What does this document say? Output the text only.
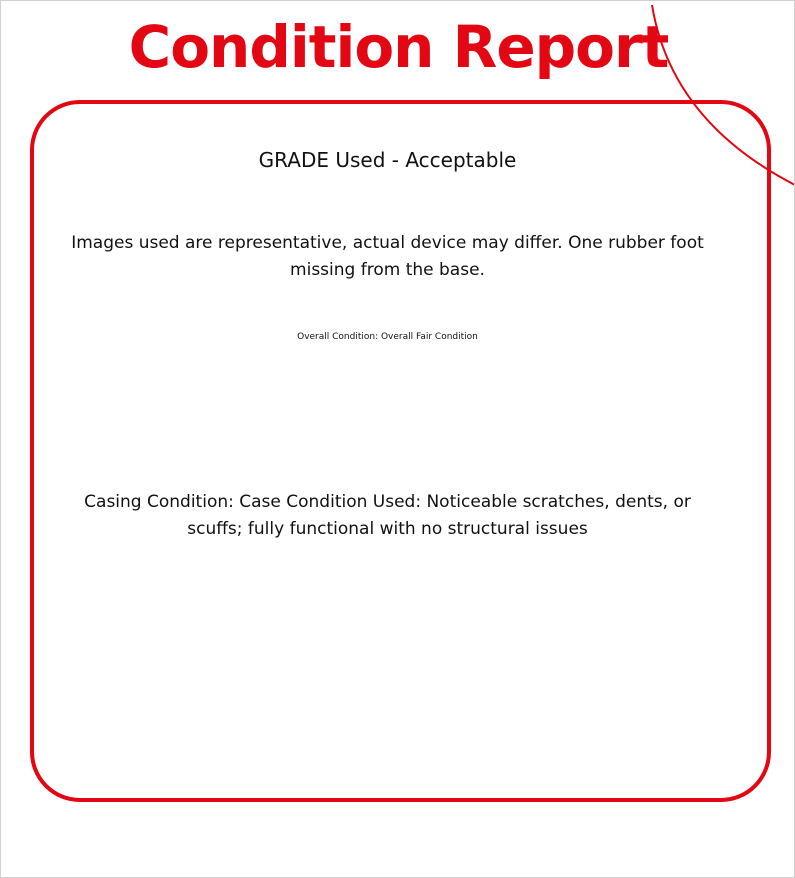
Condition Report
GRADE Used - Acceptable
Images used are representative, actual device may differ. One rubber foot missing from the base.
Overall Condition: Overall Fair Condition
Casing Condition: Case Condition Used: Noticeable scratches, dents, or scuffs; fully functional with no structural issues
